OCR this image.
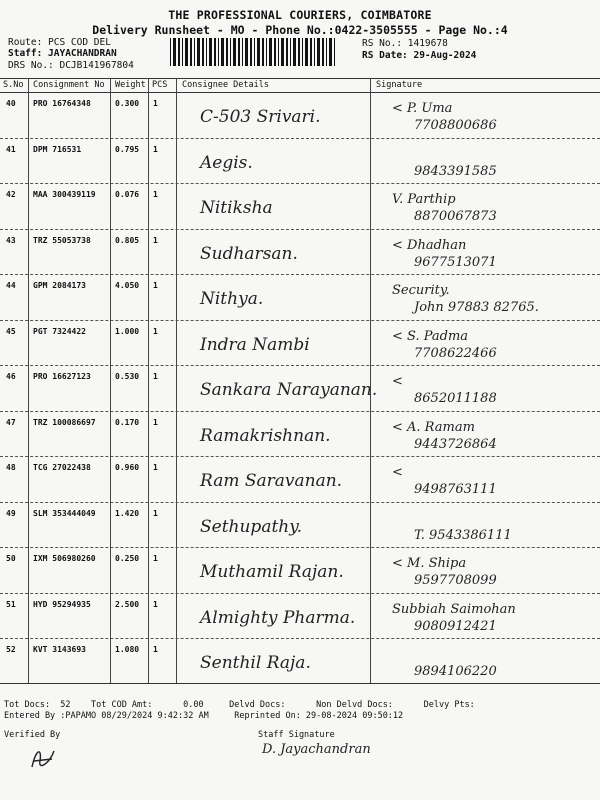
THE PROFESSIONAL COURIERS, COIMBATORE
Delivery Runsheet - MO - Phone No.:0422-3505555 - Page No.:4
Route: PCS COD DEL
Staff: JAYACHANDRAN
DRS No.: DCJB141967804
RS No.: 1419678
RS Date: 29-Aug-2024
S.No Consignment No Weight PCS Consignee Details	Signature
40 PRO 16764348	0.300 1
C-503 Srivari.	< P. Uma
7708800686
41 DPM 716531	0.795 1
Aegis.	9843391585
42 MAA 300439119 0.076 1
Nitiksha	V. Parthip
8870067873
43 TRZ 55053738	0.805 1
Sudharsan.	< Dhadhan
9677513071
44 GPM 2084173	4.050 1
Nithya.	Security.
John 97883 82765.
45 PGT 7324422	1.000 1
Indra Nambi	< S. Padma
7708622466
46 PRO 16627123	0.530 1
Sankara Narayanan. <
8652011188
47 TRZ 100086697 0.170 1
Ramakrishnan.	< A. Ramam
9443726864
48 TCG 27022438	0.960 1
Ram Saravanan.	<
9498763111
49 SLM 353444049 1.420 1
Sethupathy.	T. 9543386111
50 IXM 506980260 0.250 1
Muthamil Rajan.	< M. Shipa
9597708099
51 HYD 95294935	2.500 1
Almighty Pharma.	Subbiah Saimohan
9080912421
52 KVT 3143693	1.080 1
Senthil Raja.	9894106220
Tot Docs:  52    Tot COD Amt:      0.00     Delvd Docs:      Non Delvd Docs:      Delvy Pts:
Entered By :PAPAMO 08/29/2024 9:42:32 AM     Reprinted On: 29-08-2024 09:50:12
Verified By	Staff Signature
D. Jayachandran
